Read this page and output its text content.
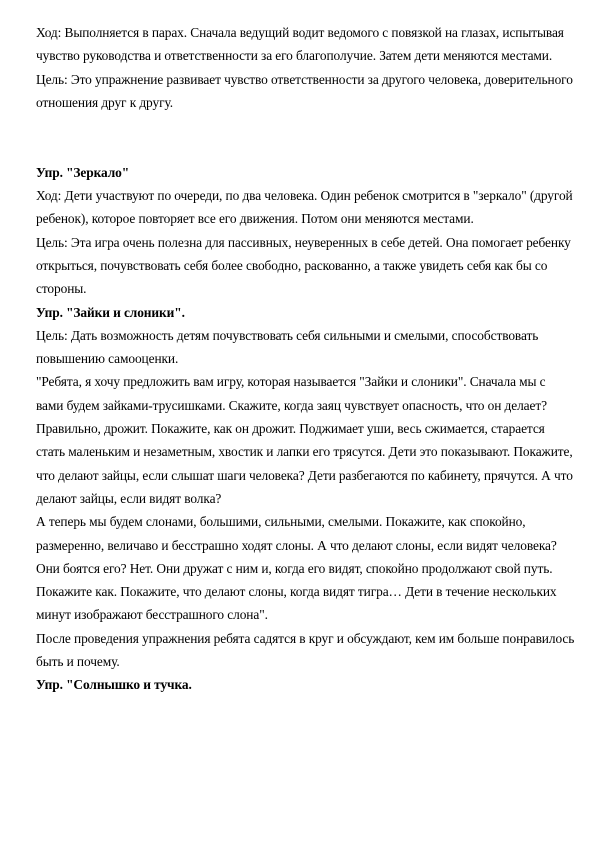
Ход: Выполняется в парах. Сначала ведущий водит ведомого с повязкой на глазах, испытывая чувство руководства и ответственности за его благополучие. Затем дети меняются местами.

Цель: Это упражнение развивает чувство ответственности за другого человека, доверительного отношения друг к другу.

Упр. "Зеркало"

Ход: Дети участвуют по очереди, по два человека. Один ребенок смотрится в "зеркало" (другой ребенок), которое повторяет все его движения. Потом они меняются местами.

Цель: Эта игра очень полезна для пассивных, неуверенных в себе детей. Она помогает ребенку открыться, почувствовать себя более свободно, раскованно, а также увидеть себя как бы со стороны.

Упр. "Зайки и слоники".

Цель: Дать возможность детям почувствовать себя сильными и смелыми, способствовать повышению самооценки.

"Ребята, я хочу предложить вам игру, которая называется "Зайки и слоники". Сначала мы с вами будем зайками-трусишками. Скажите, когда заяц чувствует опасность, что он делает? Правильно, дрожит. Покажите, как он дрожит. Поджимает уши, весь сжимается, старается стать маленьким и незаметным, хвостик и лапки его трясутся. Дети это показывают. Покажите, что делают зайцы, если слышат шаги человека? Дети разбегаются по кабинету, прячутся. А что делают зайцы, если видят волка?

А теперь мы будем слонами, большими, сильными, смелыми. Покажите, как спокойно, размеренно, величаво и бесстрашно ходят слоны. А что делают слоны, если видят человека? Они боятся его? Нет. Они дружат с ним и, когда его видят, спокойно продолжают свой путь. Покажите как. Покажите, что делают слоны, когда видят тигра… Дети в течение нескольких минут изображают бесстрашного слона".

После проведения упражнения ребята садятся в круг и обсуждают, кем им больше понравилось быть и почему.

Упр. "Солнышко и тучка.
